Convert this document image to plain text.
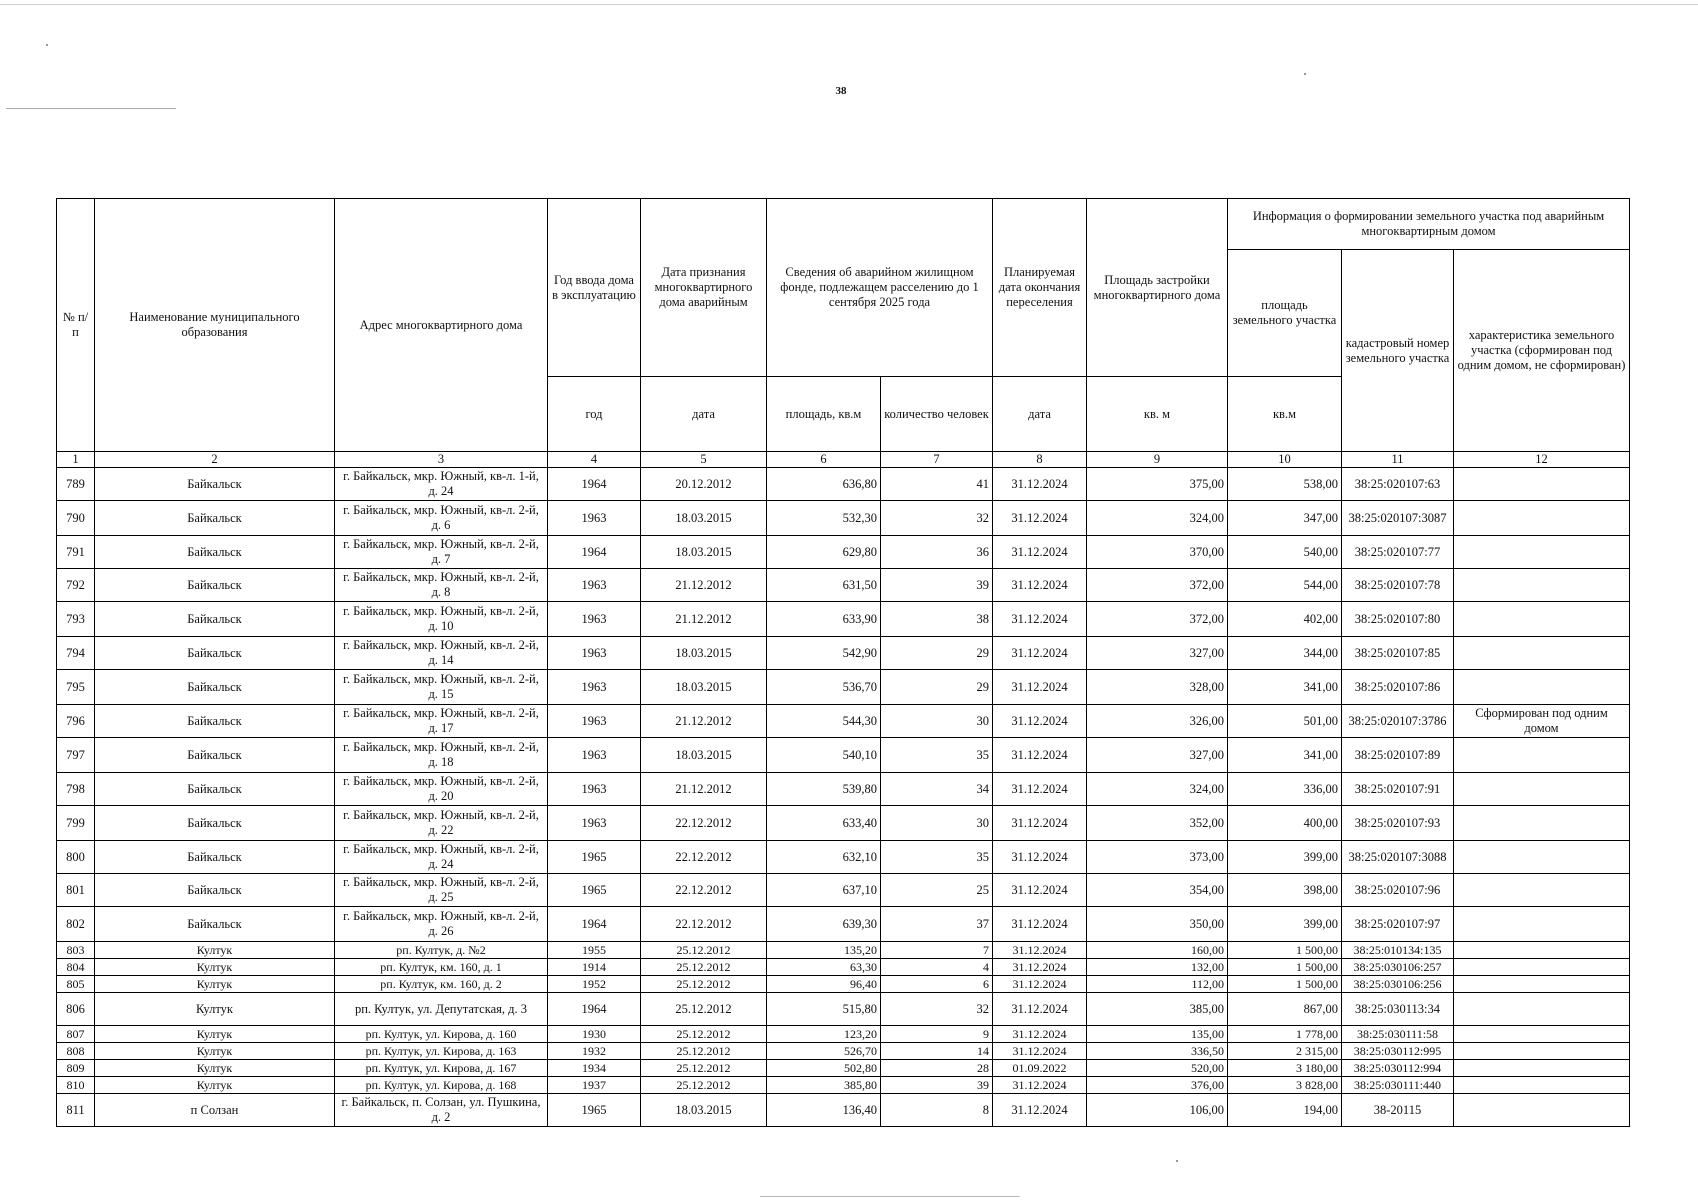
38
№ п/п	Наименование муниципального образования	Адрес многоквартирного дома	Год ввода дома в эксплуатацию	Дата признания многоквартирного дома аварийным	Сведения об аварийном жилищном фонде, подлежащем расселению до 1 сентября 2025 года		Планируемая дата окончания переселения	Площадь застройки многоквартирного дома	Информация о формировании земельного участка под аварийным многоквартирным домом		
									площадь земельного участка	кадастровый номер земельного участка	характеристика земельного участка (сформирован под одним домом, не сформирован)
			год	дата	площадь, кв.м	количество человек	дата	кв. м	кв.м		
1	2	3	4	5	6	7	8	9	10	11	12
789	Байкальск	г. Байкальск, мкр. Южный, кв-л. 1-й, д. 24	1964	20.12.2012	636,80	41	31.12.2024	375,00	538,00	38:25:020107:63	
790	Байкальск	г. Байкальск, мкр. Южный, кв-л. 2-й, д. 6	1963	18.03.2015	532,30	32	31.12.2024	324,00	347,00	38:25:020107:3087	
791	Байкальск	г. Байкальск, мкр. Южный, кв-л. 2-й, д. 7	1964	18.03.2015	629,80	36	31.12.2024	370,00	540,00	38:25:020107:77	
792	Байкальск	г. Байкальск, мкр. Южный, кв-л. 2-й, д. 8	1963	21.12.2012	631,50	39	31.12.2024	372,00	544,00	38:25:020107:78	
793	Байкальск	г. Байкальск, мкр. Южный, кв-л. 2-й, д. 10	1963	21.12.2012	633,90	38	31.12.2024	372,00	402,00	38:25:020107:80	
794	Байкальск	г. Байкальск, мкр. Южный, кв-л. 2-й, д. 14	1963	18.03.2015	542,90	29	31.12.2024	327,00	344,00	38:25:020107:85	
795	Байкальск	г. Байкальск, мкр. Южный, кв-л. 2-й, д. 15	1963	18.03.2015	536,70	29	31.12.2024	328,00	341,00	38:25:020107:86	
796	Байкальск	г. Байкальск, мкр. Южный, кв-л. 2-й, д. 17	1963	21.12.2012	544,30	30	31.12.2024	326,00	501,00	38:25:020107:3786	Сформирован под одним домом
797	Байкальск	г. Байкальск, мкр. Южный, кв-л. 2-й, д. 18	1963	18.03.2015	540,10	35	31.12.2024	327,00	341,00	38:25:020107:89	
798	Байкальск	г. Байкальск, мкр. Южный, кв-л. 2-й, д. 20	1963	21.12.2012	539,80	34	31.12.2024	324,00	336,00	38:25:020107:91	
799	Байкальск	г. Байкальск, мкр. Южный, кв-л. 2-й, д. 22	1963	22.12.2012	633,40	30	31.12.2024	352,00	400,00	38:25:020107:93	
800	Байкальск	г. Байкальск, мкр. Южный, кв-л. 2-й, д. 24	1965	22.12.2012	632,10	35	31.12.2024	373,00	399,00	38:25:020107:3088	
801	Байкальск	г. Байкальск, мкр. Южный, кв-л. 2-й, д. 25	1965	22.12.2012	637,10	25	31.12.2024	354,00	398,00	38:25:020107:96	
802	Байкальск	г. Байкальск, мкр. Южный, кв-л. 2-й, д. 26	1964	22.12.2012	639,30	37	31.12.2024	350,00	399,00	38:25:020107:97	
803	Култук	рп. Култук, д. №2	1955	25.12.2012	135,20	7	31.12.2024	160,00	1 500,00	38:25:010134:135	
804	Култук	рп. Култук, км. 160, д. 1	1914	25.12.2012	63,30	4	31.12.2024	132,00	1 500,00	38:25:030106:257	
805	Култук	рп. Култук, км. 160, д. 2	1952	25.12.2012	96,40	6	31.12.2024	112,00	1 500,00	38:25:030106:256	
806	Култук	рп. Култук, ул. Депутатская, д. 3	1964	25.12.2012	515,80	32	31.12.2024	385,00	867,00	38:25:030113:34	
807	Култук	рп. Култук, ул. Кирова, д. 160	1930	25.12.2012	123,20	9	31.12.2024	135,00	1 778,00	38:25:030111:58	
808	Култук	рп. Култук, ул. Кирова, д. 163	1932	25.12.2012	526,70	14	31.12.2024	336,50	2 315,00	38:25:030112:995	
809	Култук	рп. Култук, ул. Кирова, д. 167	1934	25.12.2012	502,80	28	01.09.2022	520,00	3 180,00	38:25:030112:994	
810	Култук	рп. Култук, ул. Кирова, д. 168	1937	25.12.2012	385,80	39	31.12.2024	376,00	3 828,00	38:25:030111:440	
811	п Солзан	г. Байкальск, п. Солзан, ул. Пушкина, д. 2	1965	18.03.2015	136,40	8	31.12.2024	106,00	194,00	38-20115	
